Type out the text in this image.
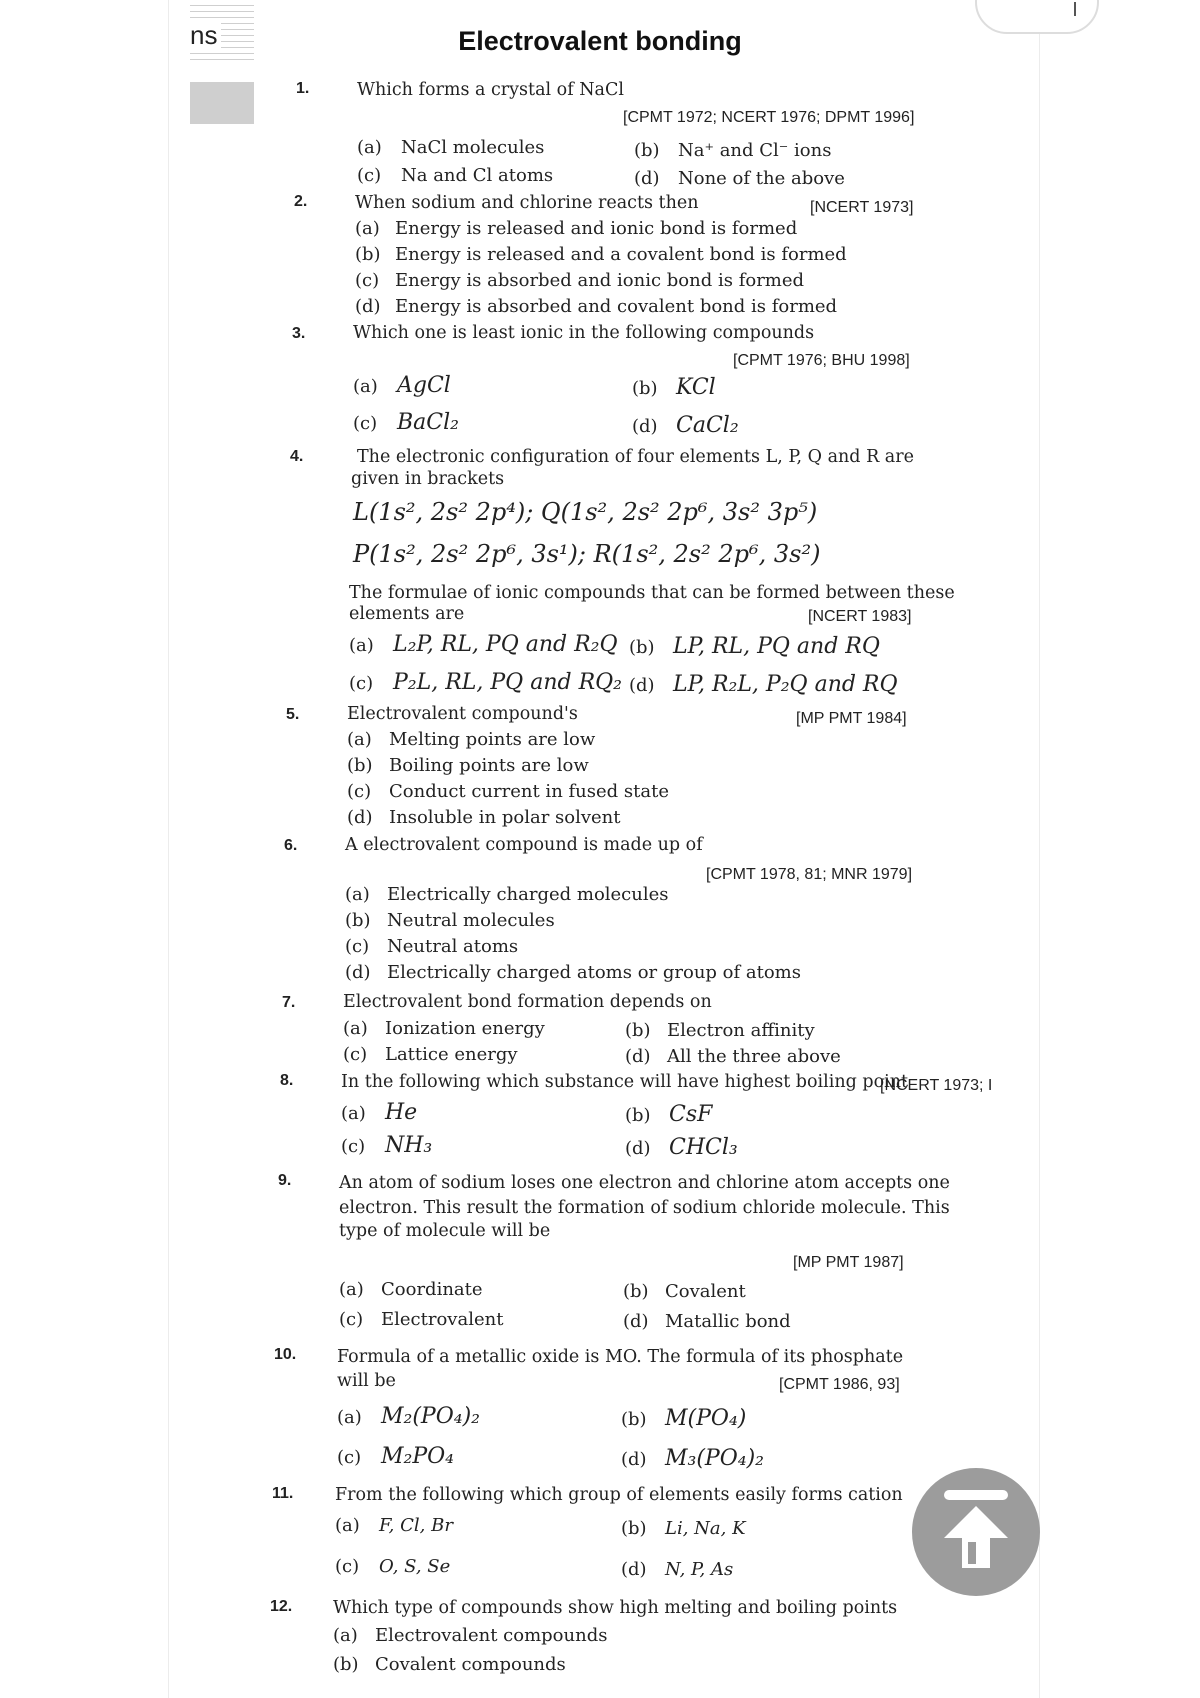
ns	Electrovalent bonding
1.	Which forms a crystal of NaCl
[CPMT 1972; NCERT 1976; DPMT 1996]
(a) NaCl molecules	(b) Na⁺ and Cl⁻ ions
(c) Na and Cl atoms	(d) None of the above
2.	When sodium and chlorine reacts then	[NCERT 1973]
(a) Energy is released and ionic bond is formed
(b) Energy is released and a covalent bond is formed
(c) Energy is absorbed and ionic bond is formed
(d) Energy is absorbed and covalent bond is formed
3.	Which one is least ionic in the following compounds
[CPMT 1976; BHU 1998]
(a) AgCl	(b) KCl
(c) BaCl₂	(d) CaCl₂
4.	The electronic configuration of four elements L, P, Q and R are
given in brackets
L(1s², 2s² 2p⁴); Q(1s², 2s² 2p⁶, 3s² 3p⁵)
P(1s², 2s² 2p⁶, 3s¹); R(1s², 2s² 2p⁶, 3s²)
The formulae of ionic compounds that can be formed between these
elements are	[NCERT 1983]
(a) L₂P, RL, PQ and R₂Q (b) LP, RL, PQ and RQ
(c) P₂L, RL, PQ and RQ₂ (d) LP, R₂L, P₂Q and RQ
5.	Electrovalent compound's	[MP PMT 1984]
(a) Melting points are low
(b) Boiling points are low
(c) Conduct current in fused state
(d) Insoluble in polar solvent
6.	A electrovalent compound is made up of
[CPMT 1978, 81; MNR 1979]
(a) Electrically charged molecules
(b) Neutral molecules
(c) Neutral atoms
(d) Electrically charged atoms or group of atoms
7.	Electrovalent bond formation depends on
(a) Ionization energy	(b) Electron affinity
(c) Lattice energy	(d) All the three above
8.	In the following which substance will have highest boiling point
[NCERT 1973; I
(a) He	(b) CsF
(c) NH₃	(d) CHCl₃
9.	An atom of sodium loses one electron and chlorine atom accepts one
electron. This result the formation of sodium chloride molecule. This
type of molecule will be
[MP PMT 1987]
(a) Coordinate	(b) Covalent
(c) Electrovalent	(d) Matallic bond
10. Formula of a metallic oxide is MO. The formula of its phosphate
will be	[CPMT 1986, 93]
(a) M₂(PO₄)₂	(b) M(PO₄)
(c) M₂PO₄	(d) M₃(PO₄)₂
11. From the following which group of elements easily forms cation
(a) F, Cl, Br	(b) Li, Na, K
(c) O, S, Se	(d) N, P, As
12. Which type of compounds show high melting and boiling points
(a) Electrovalent compounds
(b) Covalent compounds
